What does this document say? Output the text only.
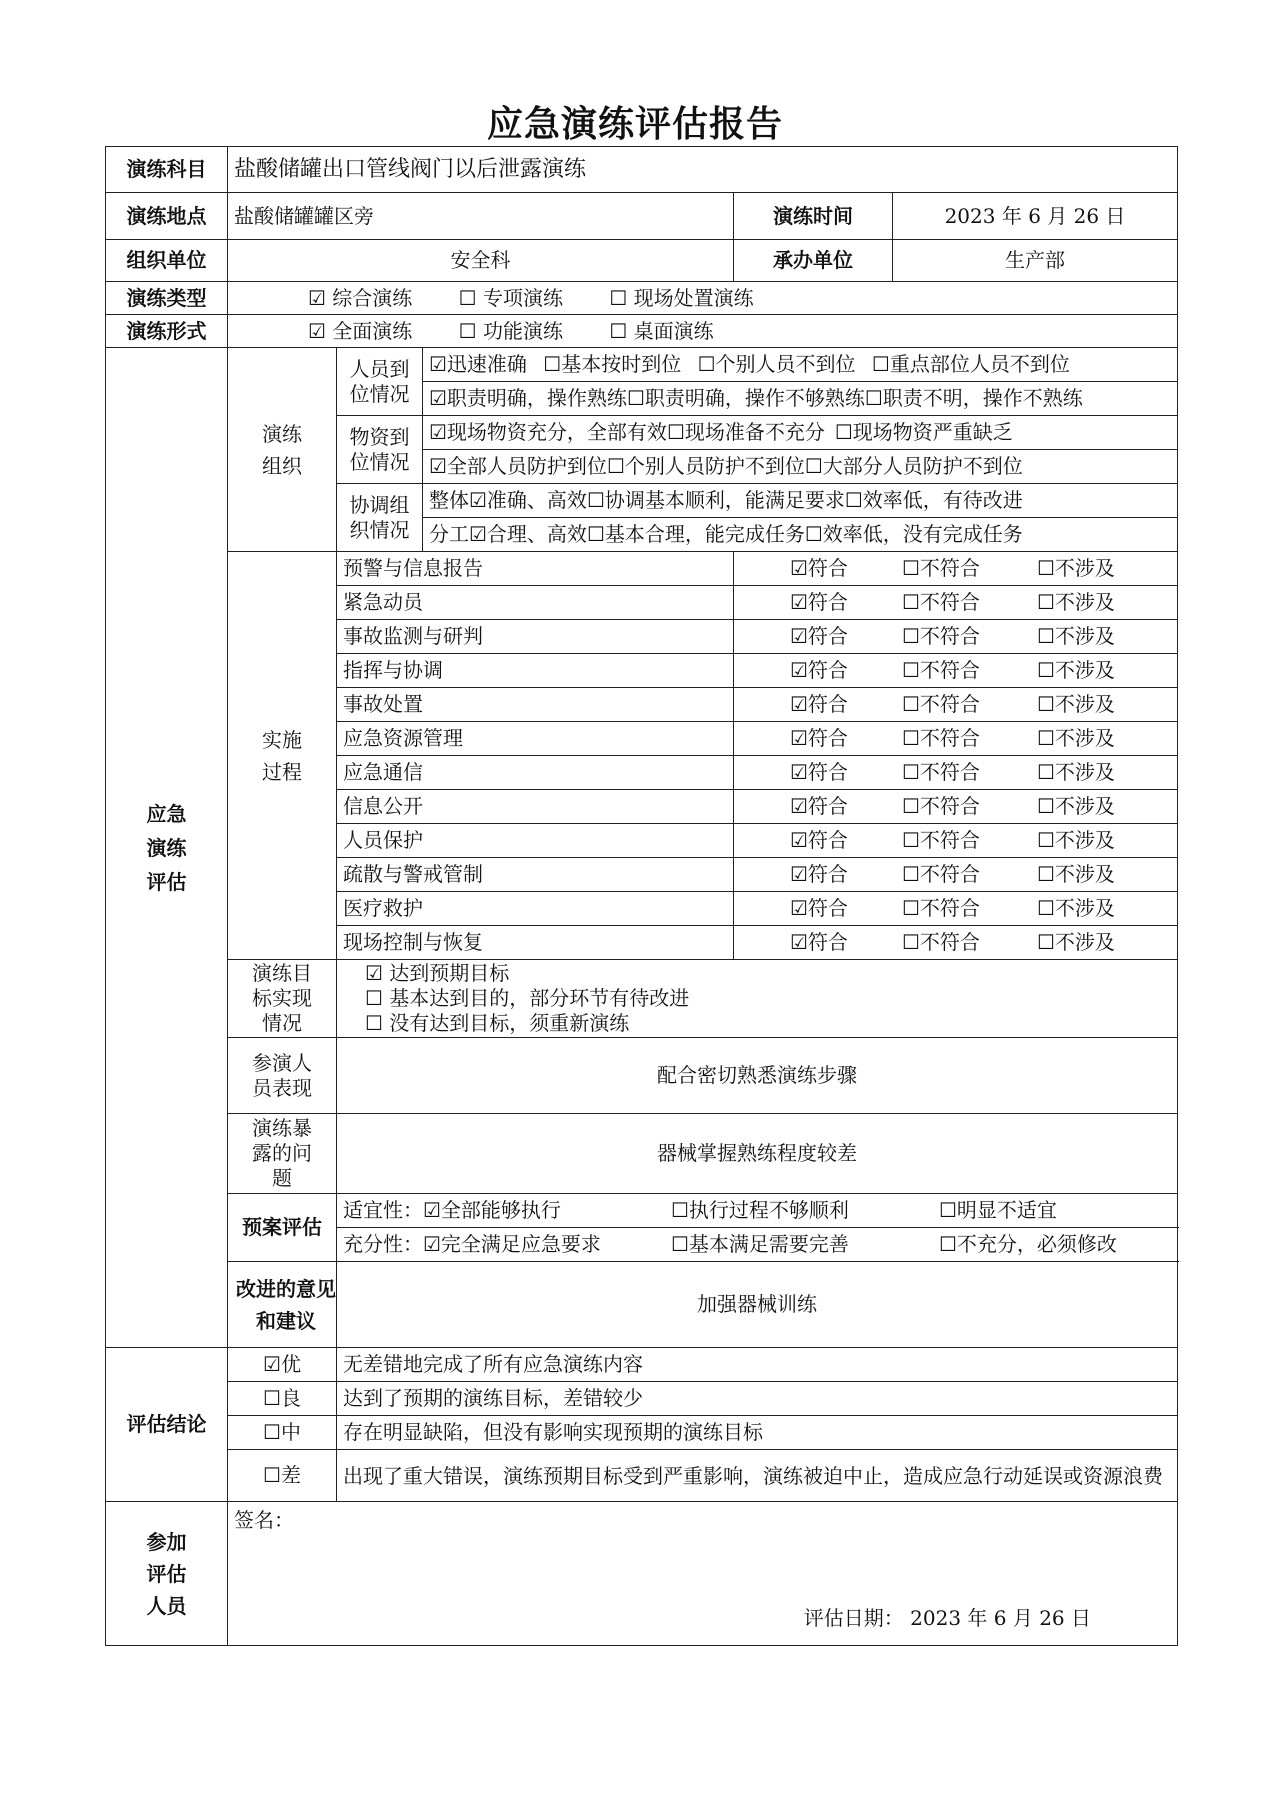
应急演练评估报告
演练科目	盐酸储罐出口管线阀门以后泄露演练				
演练地点	盐酸储罐罐区旁			演练时间	2023 年 6 月 26 日
组织单位	安全科			承办单位	生产部
演练类型	☑ 综合演练 ☐ 专项演练 ☐ 现场处置演练				
演练形式	☑ 全面演练 ☐ 功能演练 ☐ 桌面演练				
应急演练评估	演练组织	人员到位情况	☑迅速准确 ☐基本按时到位 ☐个别人员不到位 ☐重点部位人员不到位		
			☑职责明确，操作熟练☐职责明确，操作不够熟练☐职责不明，操作不熟练		
		物资到位情况	☑现场物资充分，全部有效☐现场准备不充分 ☐现场物资严重缺乏		
			☑全部人员防护到位☐个别人员防护不到位☐大部分人员防护不到位		
		协调组织情况	整体☑准确、高效☐协调基本顺利，能满足要求☐效率低，有待改进		
			分工☑合理、高效☐基本合理，能完成任务☐效率低，没有完成任务		
	实施过程	预警与信息报告		☑符合 ☐不符合 ☐不涉及	
		紧急动员		☑符合 ☐不符合 ☐不涉及	
		事故监测与研判		☑符合 ☐不符合 ☐不涉及	
		指挥与协调		☑符合 ☐不符合 ☐不涉及	
		事故处置		☑符合 ☐不符合 ☐不涉及	
		应急资源管理		☑符合 ☐不符合 ☐不涉及	
		应急通信		☑符合 ☐不符合 ☐不涉及	
		信息公开		☑符合 ☐不符合 ☐不涉及	
		人员保护		☑符合 ☐不符合 ☐不涉及	
		疏散与警戒管制		☑符合 ☐不符合 ☐不涉及	
		医疗救护		☑符合 ☐不符合 ☐不涉及	
		现场控制与恢复		☑符合 ☐不符合 ☐不涉及	
	演练目标实现情况	☑ 达到预期目标
☐ 基本达到目的，部分环节有待改进
☐ 没有达到目标，须重新演练			

	参演人员表现	配合密切熟悉演练步骤			
	演练暴露的问题	器械掌握熟练程度较差			
	预案评估	适宜性：☑全部能够执行 ☐执行过程不够顺利 ☐明显不适宜			
		充分性：☑完全满足应急要求 ☐基本满足需要完善 ☐不充分，必须修改			
	改进的意见和建议	加强器械训练			
评估结论	☑优	无差错地完成了所有应急演练内容			
	☐良	达到了预期的演练目标，差错较少			
	☐中	存在明显缺陷，但没有影响实现预期的演练目标			
	☐差	出现了重大错误，演练预期目标受到严重影响，演练被迫中止，造成应急行动延误或资源浪费			
参加评估人员	签名：
评估日期： 2023 年 6 月 26 日				
